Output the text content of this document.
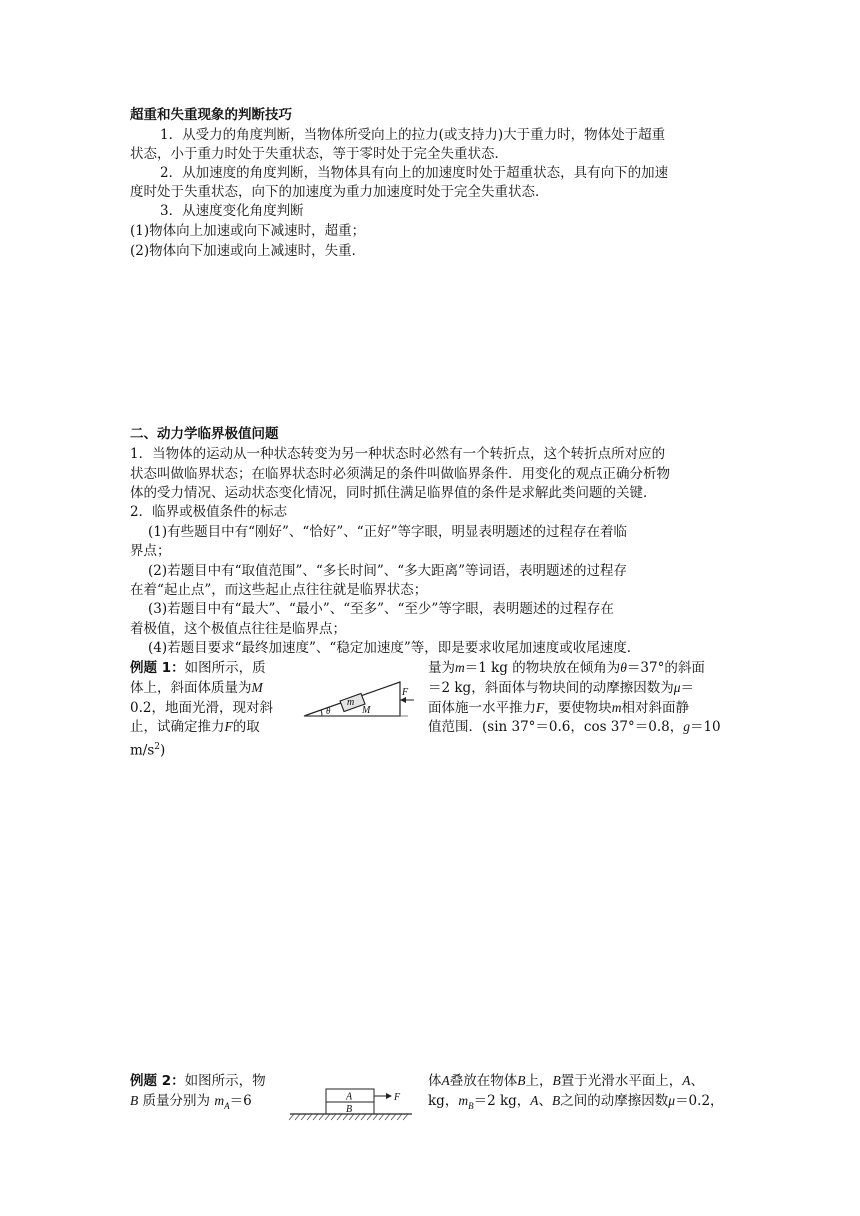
超重和失重现象的判断技巧
1．从受力的角度判断，当物体所受向上的拉力(或支持力)大于重力时，物体处于超重
状态，小于重力时处于失重状态，等于零时处于完全失重状态．
2．从加速度的角度判断，当物体具有向上的加速度时处于超重状态，具有向下的加速
度时处于失重状态，向下的加速度为重力加速度时处于完全失重状态．
3．从速度变化角度判断
(1)物体向上加速或向下减速时，超重；
(2)物体向下加速或向上减速时，失重．
二、动力学临界极值问题
1．当物体的运动从一种状态转变为另一种状态时必然有一个转折点，这个转折点所对应的
状态叫做临界状态；在临界状态时必须满足的条件叫做临界条件．用变化的观点正确分析物
体的受力情况、运动状态变化情况，同时抓住满足临界值的条件是求解此类问题的关键．
2．临界或极值条件的标志
(1)有些题目中有“刚好”、“恰好”、“正好”等字眼，明显表明题述的过程存在着临
界点；
(2)若题目中有“取值范围”、“多长时间”、“多大距离”等词语，表明题述的过程存
在着“起止点”，而这些起止点往往就是临界状态；
(3)若题目中有“最大”、“最小”、“至多”、“至少”等字眼，表明题述的过程存在
着极值，这个极值点往往是临界点；
(4)若题目要求“最终加速度”、“稳定加速度”等，即是要求收尾加速度或收尾速度．
例题 1：如图所示，质
体上，斜面体质量为M
0.2，地面光滑，现对斜
止，试确定推力F的取
$m/s^2$)
量为m＝1 kg 的物块放在倾角为θ＝37°的斜面
＝2 kg，斜面体与物块间的动摩擦因数为μ＝
面体施一水平推力F，要使物块m相对斜面静
值范围．(sin 37°＝0.6，cos 37°＝0.8，g＝10
m
M
θ
F
例题 2：如图所示，物
B 质量分别为 $m_A=6$
体A叠放在物体B上，B置于光滑水平面上，A、
kg，$m_B=2$ kg，A、B之间的动摩擦因数μ＝0.2，
A
B
F
